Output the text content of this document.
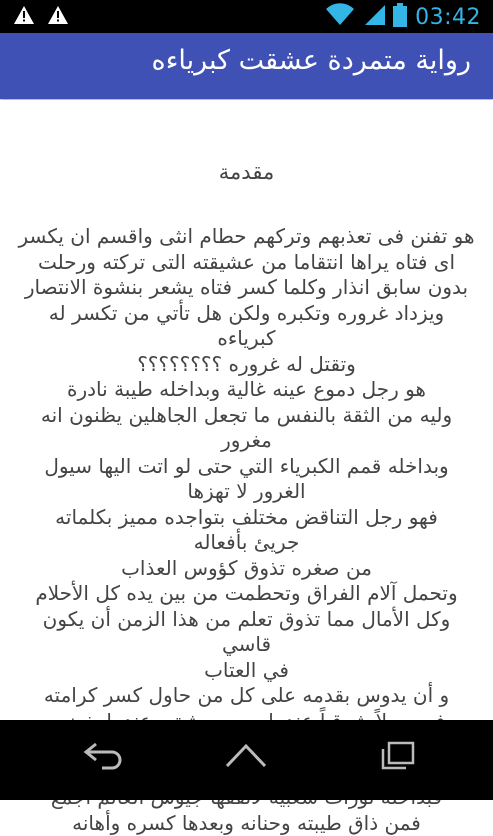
03:42
رواية متمردة عشقت كبرياءه
مقدمة
هو تفنن فى تعذبهم وتركهم حطام انثى واقسم ان يكسر
اى فتاه يراها انتقاما من عشيقته التى تركته ورحلت
بدون سابق انذار وكلما كسر فتاه يشعر بنشوة الانتصار
ويزداد غروره وتكبره ولكن هل تأتي من تكسر له كبرياءه
وتقتل له غروره ؟؟؟؟؟؟؟؟
هو رجل دموع عينه غالية وبداخله طيبة نادرة
وليه من الثقة بالنفس ما تجعل الجاهلين يظنون انه
مغرور
وبداخله قمم الكبرياء التي حتى لو اتت اليها سيول
الغرور لا تهزها
فهو رجل التناقض مختلف بتواجده مميز بكلماته
جريئ بأفعاله
من صغره تذوق كؤوس العذاب
وتحمل آلام الفراق وتحطمت من بين يده كل الأحلام
وكل الأمال مما تذوق تعلم من هذا الزمن أن يكون قاسي
في العتاب
و أن يدوس بقدمه على كل من حاول كسر كرامته

فمن ذاق طيبته وحنانه وبعدها كسره وأهانه
